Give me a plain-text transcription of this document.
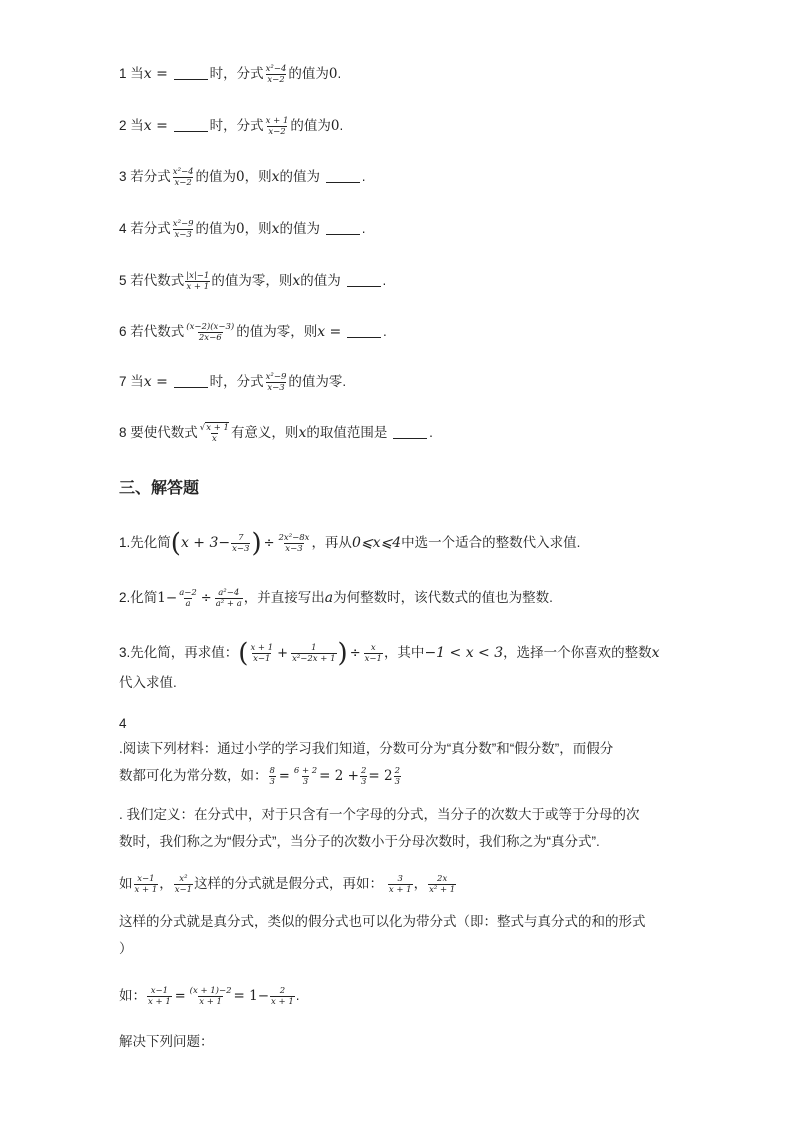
1 当x =	时，分式 $\frac{\text{x²−4}}{x-2}$ 的值为0.
2 当x =	时，分式 $\frac{x + 1}{x-2}$ 的值为0.
3 若分式 $\frac{\text{x²−4}}{x-2}$ 的值为0，则x的值为	.
4 若分式 $\frac{\text{x²−9}}{x-3}$ 的值为0，则x的值为	.
5 若代数式 $\frac{|x|-1}{x + 1}$ 的值为零，则x的值为	.
6 若代数式 $\frac{(x-2)(x-3)}{2x-6}$ 的值为零，则x =	.
7 当x =	时，分式 $\frac{\text{x²−9}}{x-3}$ 的值为零.
8 要使代数式 $\frac{√x + 1}{x}$ 有意义，则x的取值范围是	.
三、解答题
1.先化简($x + 3- \frac{7}{x-3}$ ) ÷ $\frac{\text{2x²−8x}}{x-3}$ ，再从0⩽x⩽4中选一个适合的整数代入求值.
2.化简$1- \frac{a-2}{a} \div \frac{\text{a²−4}}{\text{a² + a}}$ ，并直接写出a为何整数时，该代数式的值也为整数.
3.先化简，再求值：( $\frac{x + 1}{x-1} + \frac{1}{\text{x²−2x + 1}}$ ) ÷ $\frac{x}{x-1}$ ，其中−1 < x < 3，选择一个你喜欢的整数x
代入求值.
4
.阅读下列材料：通过小学的学习我们知道，分数可分为“真分数”和“假分数”，而假分
数都可化为常分数，如： $\frac{8}{3} = \frac{6 + 2}{3} = 2 + \frac{2}{3} = 2 \frac{2}{3}$
. 我们定义：在分式中，对于只含有一个字母的分式，当分子的次数大于或等于分母的次
数时，我们称之为“假分式”，当分子的次数小于分母次数时，我们称之为“真分式”.
如 $\frac{x-1}{x + 1}$ ， $\frac{\text{x²}}{x-1}$ 这样的分式就是假分式，再如： $\frac{3}{x + 1}$ ， $\frac{2x}{\text{x² + 1}}$
这样的分式就是真分式，类似的假分式也可以化为带分式（即：整式与真分式的和的形式
）
如： $\frac{x-1}{x + 1} = \frac{(x + 1)-2}{x + 1} = 1- \frac{2}{x + 1}$ .
解决下列问题：
